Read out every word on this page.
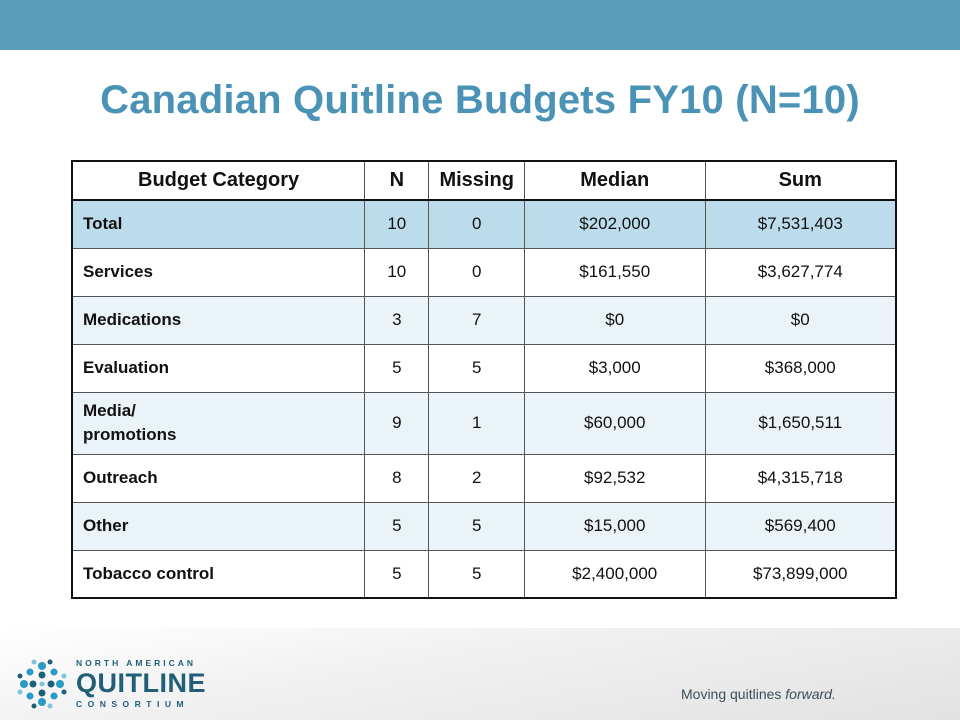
Canadian Quitline Budgets FY10 (N=10)
Budget Category	N	Missing	Median	Sum
Total	10	0	$202,000	$7,531,403
Services	10	0	$161,550	$3,627,774
Medications	3	7	$0	$0
Evaluation	5	5	$3,000	$368,000

Media/
promotions	9	1	$60,000	$1,650,511
Outreach	8	2	$92,532	$4,315,718
Other	5	5	$15,000	$569,400
Tobacco control	5	5	$2,400,000	$73,899,000
NORTH AMERICAN
QUITLINE
CONSORTIUM
Moving quitlines forward.
